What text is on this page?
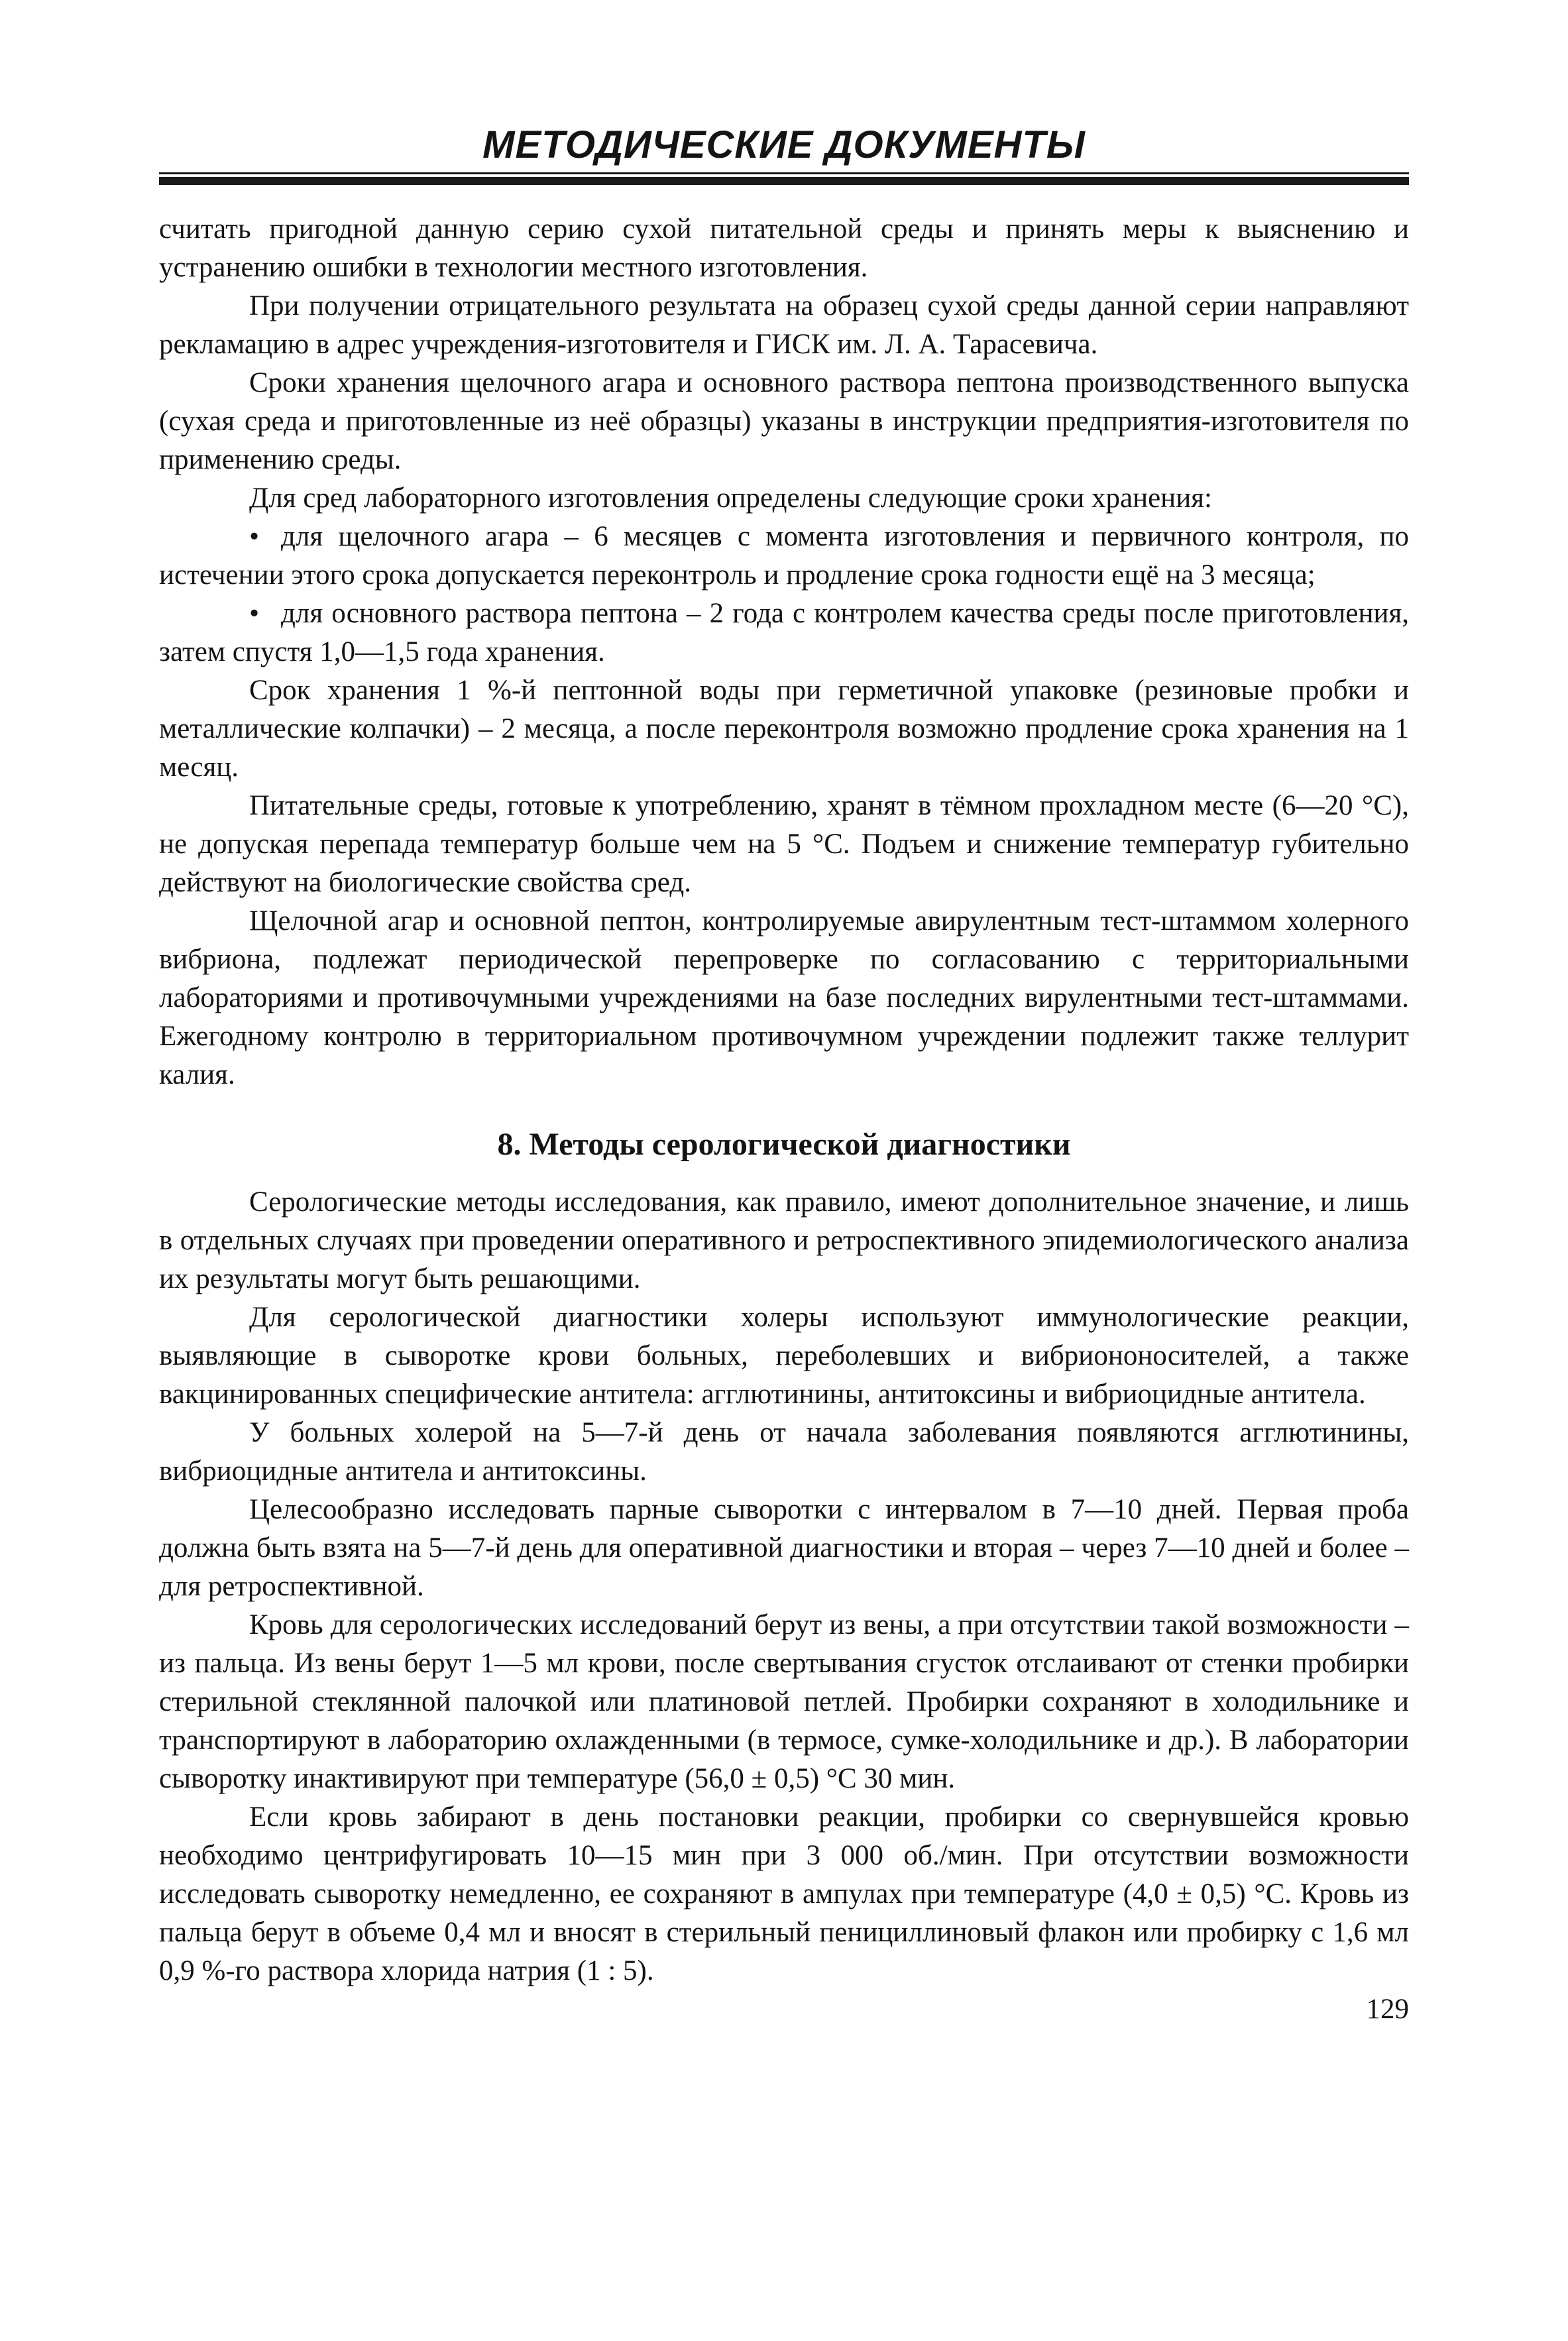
МЕТОДИЧЕСКИЕ ДОКУМЕНТЫ

считать пригодной данную серию сухой питательной среды и принять меры к выяснению и устранению ошибки в технологии местного изготовления.

При получении отрицательного результата на образец сухой среды данной серии направляют рекламацию в адрес учреждения-изготовителя и ГИСК им. Л. А. Тарасевича.

Сроки хранения щелочного агара и основного раствора пептона производственного выпуска (сухая среда и приготовленные из неё образцы) указаны в инструкции предприятия-изготовителя по применению среды.

Для сред лабораторного изготовления определены следующие сроки хранения:

• для щелочного агара – 6 месяцев с момента изготовления и первичного контроля, по истечении этого срока допускается переконтроль и продление срока годности ещё на 3 месяца;

• для основного раствора пептона – 2 года с контролем качества среды после приготовления, затем спустя 1,0—1,5 года хранения.

Срок хранения 1 %-й пептонной воды при герметичной упаковке (резиновые пробки и металлические колпачки) – 2 месяца, а после переконтроля возможно продление срока хранения на 1 месяц.

Питательные среды, готовые к употреблению, хранят в тёмном прохладном месте (6—20 °С), не допуская перепада температур больше чем на 5 °С. Подъем и снижение температур губительно действуют на биологические свойства сред.

Щелочной агар и основной пептон, контролируемые авирулентным тест-штаммом холерного вибриона, подлежат периодической перепроверке по согласованию с территориальными лабораториями и противочумными учреждениями на базе последних вирулентными тест-штаммами. Ежегодному контролю в территориальном противочумном учреждении подлежит также теллурит калия.

8. Методы серологической диагностики

Серологические методы исследования, как правило, имеют дополнительное значение, и лишь в отдельных случаях при проведении оперативного и ретроспективного эпидемиологического анализа их результаты могут быть решающими.

Для серологической диагностики холеры используют иммунологические реакции, выявляющие в сыворотке крови больных, переболевших и вибриононосителей, а также вакцинированных специфические антитела: агглютинины, антитоксины и вибриоцидные антитела.

У больных холерой на 5—7-й день от начала заболевания появляются агглютинины, вибриоцидные антитела и антитоксины.

Целесообразно исследовать парные сыворотки с интервалом в 7—10 дней. Первая проба должна быть взята на 5—7-й день для оперативной диагностики и вторая – через 7—10 дней и более – для ретроспективной.

Кровь для серологических исследований берут из вены, а при отсутствии такой возможности – из пальца. Из вены берут 1—5 мл крови, после свертывания сгусток отслаивают от стенки пробирки стерильной стеклянной палочкой или платиновой петлей. Пробирки сохраняют в холодильнике и транспортируют в лабораторию охлажденными (в термосе, сумке-холодильнике и др.). В лаборатории сыворотку инактивируют при температуре (56,0 ± 0,5) °С 30 мин.

Если кровь забирают в день постановки реакции, пробирки со свернувшейся кровью необходимо центрифугировать 10—15 мин при 3 000 об./мин. При отсутствии возможности исследовать сыворотку немедленно, ее сохраняют в ампулах при температуре (4,0 ± 0,5) °С. Кровь из пальца берут в объеме 0,4 мл и вносят в стерильный пенициллиновый флакон или пробирку с 1,6 мл 0,9 %-го раствора хлорида натрия (1 : 5).

129
